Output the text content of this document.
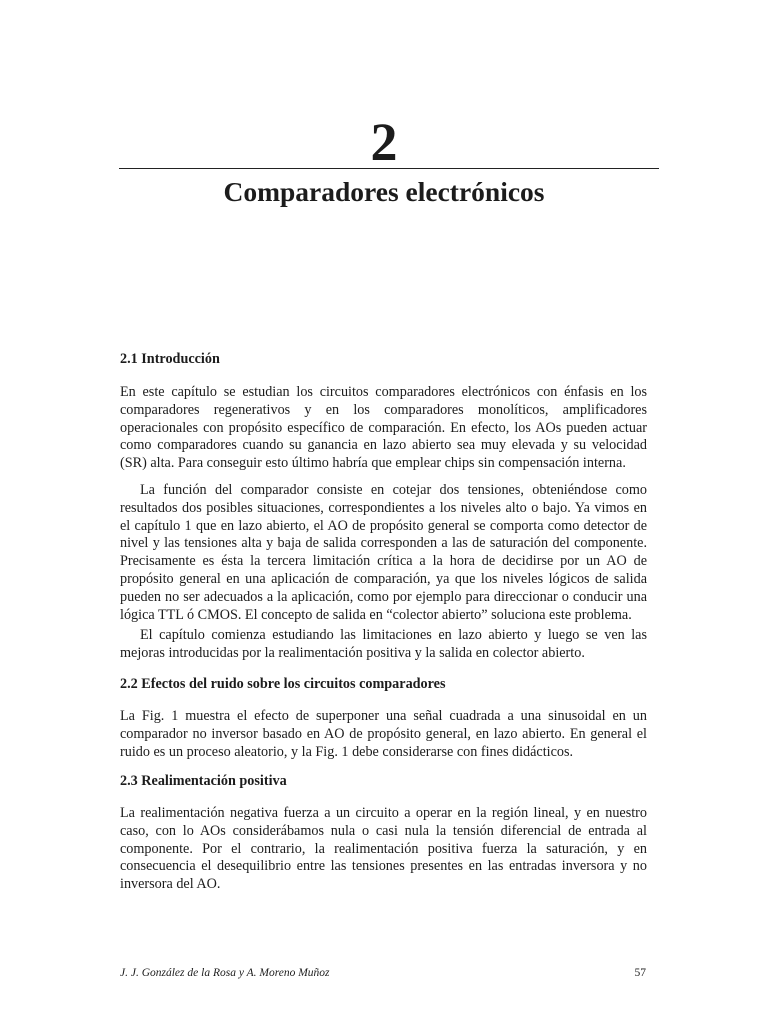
2
Comparadores electrónicos
2.1 Introducción

En este capítulo se estudian los circuitos comparadores electrónicos con énfasis en los comparadores regenerativos y en los comparadores monolíticos, amplificadores operacionales con propósito específico de comparación. En efecto, los AOs pueden actuar como comparadores cuando su ganancia en lazo abierto sea muy elevada y su velocidad (SR) alta. Para conseguir esto último habría que emplear chips sin compensación interna.

La función del comparador consiste en cotejar dos tensiones, obteniéndose como resultados dos posibles situaciones, correspondientes a los niveles alto o bajo. Ya vimos en el capítulo 1 que en lazo abierto, el AO de propósito general se comporta como detector de nivel y las tensiones alta y baja de salida corresponden a las de saturación del componente. Precisamente es ésta la tercera limitación crítica a la hora de decidirse por un AO de propósito general en una aplicación de comparación, ya que los niveles lógicos de salida pueden no ser adecuados a la aplicación, como por ejemplo para direccionar o conducir una lógica TTL ó CMOS. El concepto de salida en “colector abierto” soluciona este problema.

El capítulo comienza estudiando las limitaciones en lazo abierto y luego se ven las mejoras introducidas por la realimentación positiva y la salida en colector abierto.

2.2 Efectos del ruido sobre los circuitos comparadores

La Fig. 1 muestra el efecto de superponer una señal cuadrada a una sinusoidal en un comparador no inversor basado en AO de propósito general, en lazo abierto. En general el ruido es un proceso aleatorio, y la Fig. 1 debe considerarse con fines didácticos.

2.3 Realimentación positiva

La realimentación negativa fuerza a un circuito a operar en la región lineal, y en nuestro caso, con lo AOs considerábamos nula o casi nula la tensión diferencial de entrada al componente. Por el contrario, la realimentación positiva fuerza la saturación, y en consecuencia el desequilibrio entre las tensiones presentes en las entradas inversora y no inversora del AO.

J. J. González de la Rosa y A. Moreno Muñoz	57
